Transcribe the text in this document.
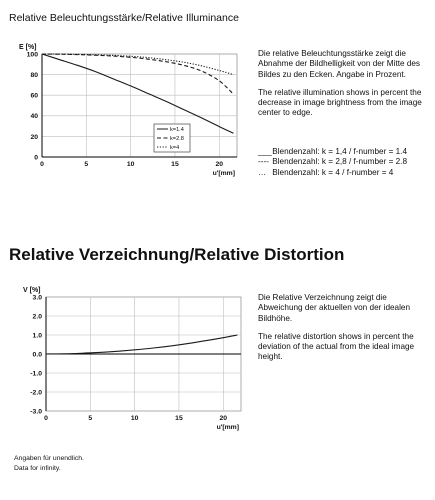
Relative Beleuchtungsstärke/Relative Illuminance
0	5	10	15	20
0
20
40
60
80
100
E [%]
u'[mm]
k=1.4
k=2.8
k=4
0	5	10	15	20
3.0
2.0
1.0
0.0
-1.0
-2.0
-3.0
V [%]
u'[mm]

Die relative Beleuchtungsstärke zeigt die Abnahme der Bildhelligkeit von der Mitte des Bildes zu den Ecken. Angabe in Prozent.

The relative illumination shows in percent the decrease in image brightness from the image center to edge.

___ Blendenzahl: k = 1,4 / f-number = 1.4
---- Blendenzahl: k = 2,8 / f-number = 2.8
… Blendenzahl: k = 4 / f-number = 4
Relative Verzeichnung/Relative Distortion

Die Relative Verzeichnung zeigt die Abweichung der aktuellen von der idealen Bildhöhe.

The relative distortion shows in percent the deviation of the actual from the ideal image height.

Angaben für unendlich.
Data for infinity.
